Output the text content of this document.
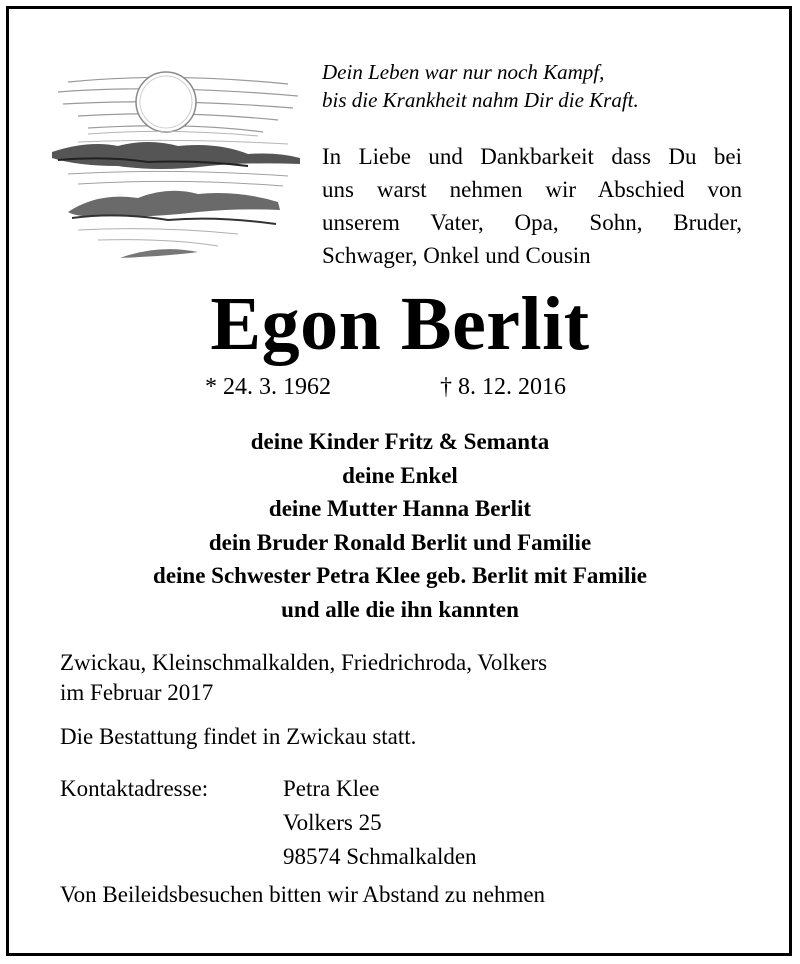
Dein Leben war nur noch Kampf,
bis die Krankheit nahm Dir die Kraft.
In Liebe und Dankbarkeit dass Du bei
uns warst nehmen wir Abschied von
unserem Vater, Opa, Sohn, Bruder,
Schwager, Onkel und Cousin
Egon Berlit
* 24. 3. 1962	† 8. 12. 2016
deine Kinder Fritz & Semanta
deine Enkel
deine Mutter Hanna Berlit
dein Bruder Ronald Berlit und Familie
deine Schwester Petra Klee geb. Berlit mit Familie
und alle die ihn kannten
Zwickau, Kleinschmalkalden, Friedrichroda, Volkers
im Februar 2017
Die Bestattung findet in Zwickau statt.
Kontaktadresse:	Petra Klee
Volkers 25
98574 Schmalkalden
Von Beileidsbesuchen bitten wir Abstand zu nehmen
